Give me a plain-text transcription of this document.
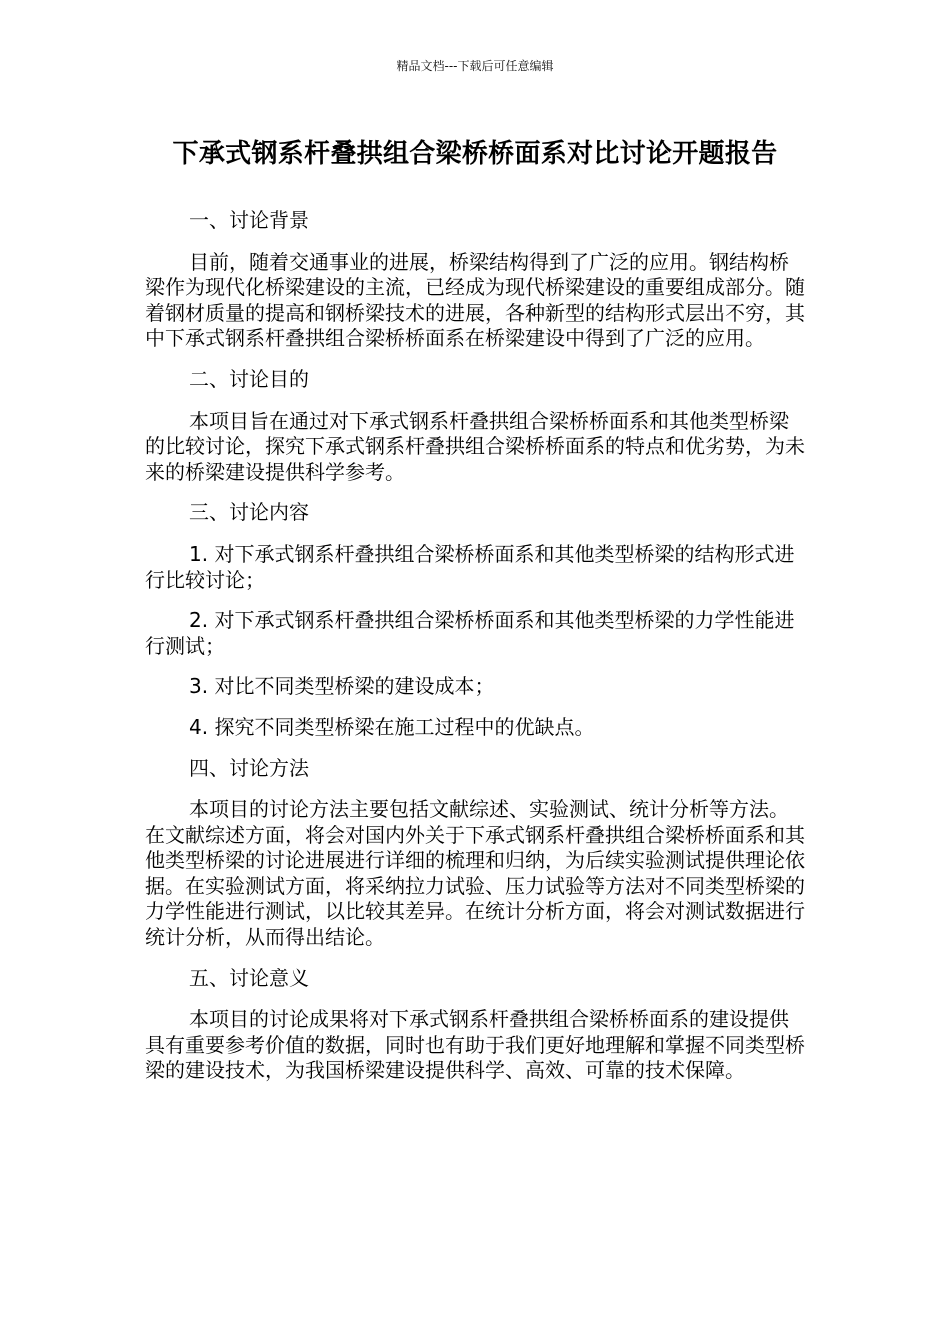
精品文档---下载后可任意编辑
下承式钢系杆叠拱组合梁桥桥面系对比讨论开题报告

一、讨论背景

目前，随着交通事业的进展，桥梁结构得到了广泛的应用。钢结构桥梁作为现代化桥梁建设的主流，已经成为现代桥梁建设的重要组成部分。随着钢材质量的提高和钢桥梁技术的进展，各种新型的结构形式层出不穷，其中下承式钢系杆叠拱组合梁桥桥面系在桥梁建设中得到了广泛的应用。

二、讨论目的

本项目旨在通过对下承式钢系杆叠拱组合梁桥桥面系和其他类型桥梁的比较讨论，探究下承式钢系杆叠拱组合梁桥桥面系的特点和优劣势，为未来的桥梁建设提供科学参考。

三、讨论内容

1. 对下承式钢系杆叠拱组合梁桥桥面系和其他类型桥梁的结构形式进行比较讨论；

2. 对下承式钢系杆叠拱组合梁桥桥面系和其他类型桥梁的力学性能进行测试；

3. 对比不同类型桥梁的建设成本；

4. 探究不同类型桥梁在施工过程中的优缺点。

四、讨论方法

本项目的讨论方法主要包括文献综述、实验测试、统计分析等方法。在文献综述方面，将会对国内外关于下承式钢系杆叠拱组合梁桥桥面系和其他类型桥梁的讨论进展进行详细的梳理和归纳，为后续实验测试提供理论依据。在实验测试方面，将采纳拉力试验、压力试验等方法对不同类型桥梁的力学性能进行测试，以比较其差异。在统计分析方面，将会对测试数据进行统计分析，从而得出结论。

五、讨论意义

本项目的讨论成果将对下承式钢系杆叠拱组合梁桥桥面系的建设提供具有重要参考价值的数据，同时也有助于我们更好地理解和掌握不同类型桥梁的建设技术，为我国桥梁建设提供科学、高效、可靠的技术保障。
